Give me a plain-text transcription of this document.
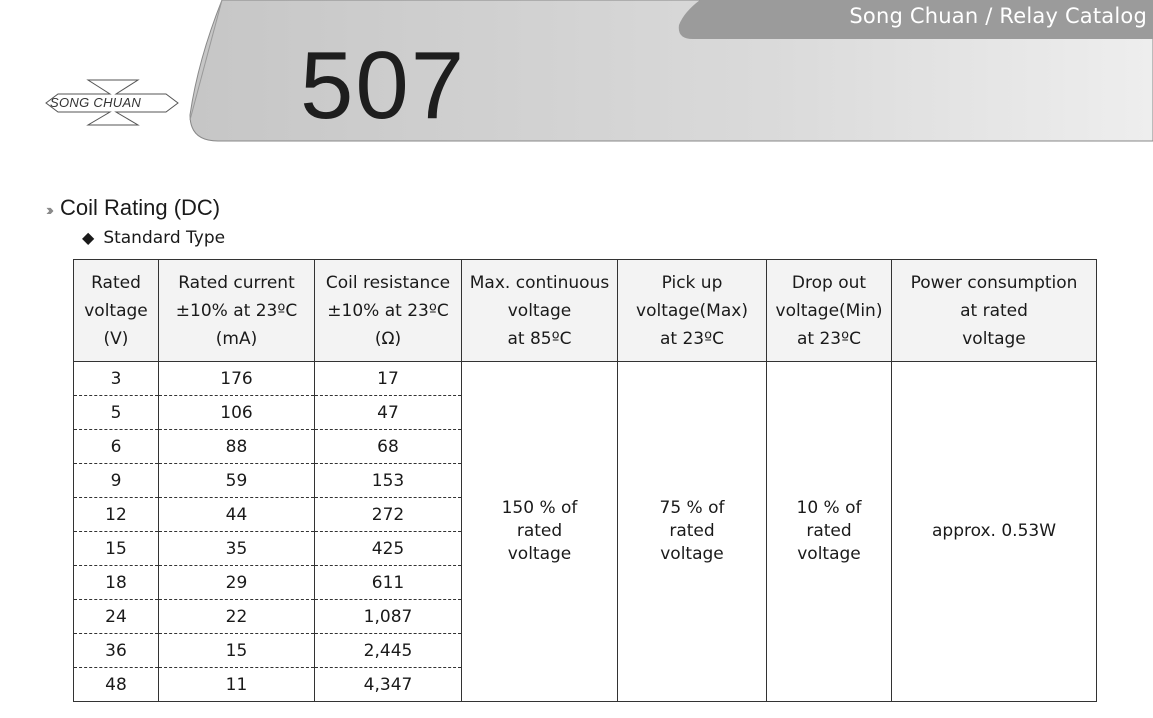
Song Chuan / Relay Catalog
507
SONG CHUAN
››› Coil Rating (DC)
◆ Standard Type
Rated
voltage
(V)	Rated current
±10% at 23ºC
(mA)	Coil resistance
±10% at 23ºC
(Ω)	Max. continuous
voltage
at 85ºC	Pick up
voltage(Max)
at 23ºC	Drop out
voltage(Min)
at 23ºC	Power consumption
at rated
voltage
3	176	17	150 % of
rated
voltage	75 % of
rated
voltage	10 % of
rated
voltage	approx. 0.53W
5	106	47				
6	88	68				
9	59	153				
12	44	272				
15	35	425				
18	29	611				
24	22	1,087				
36	15	2,445				
48	11	4,347				
